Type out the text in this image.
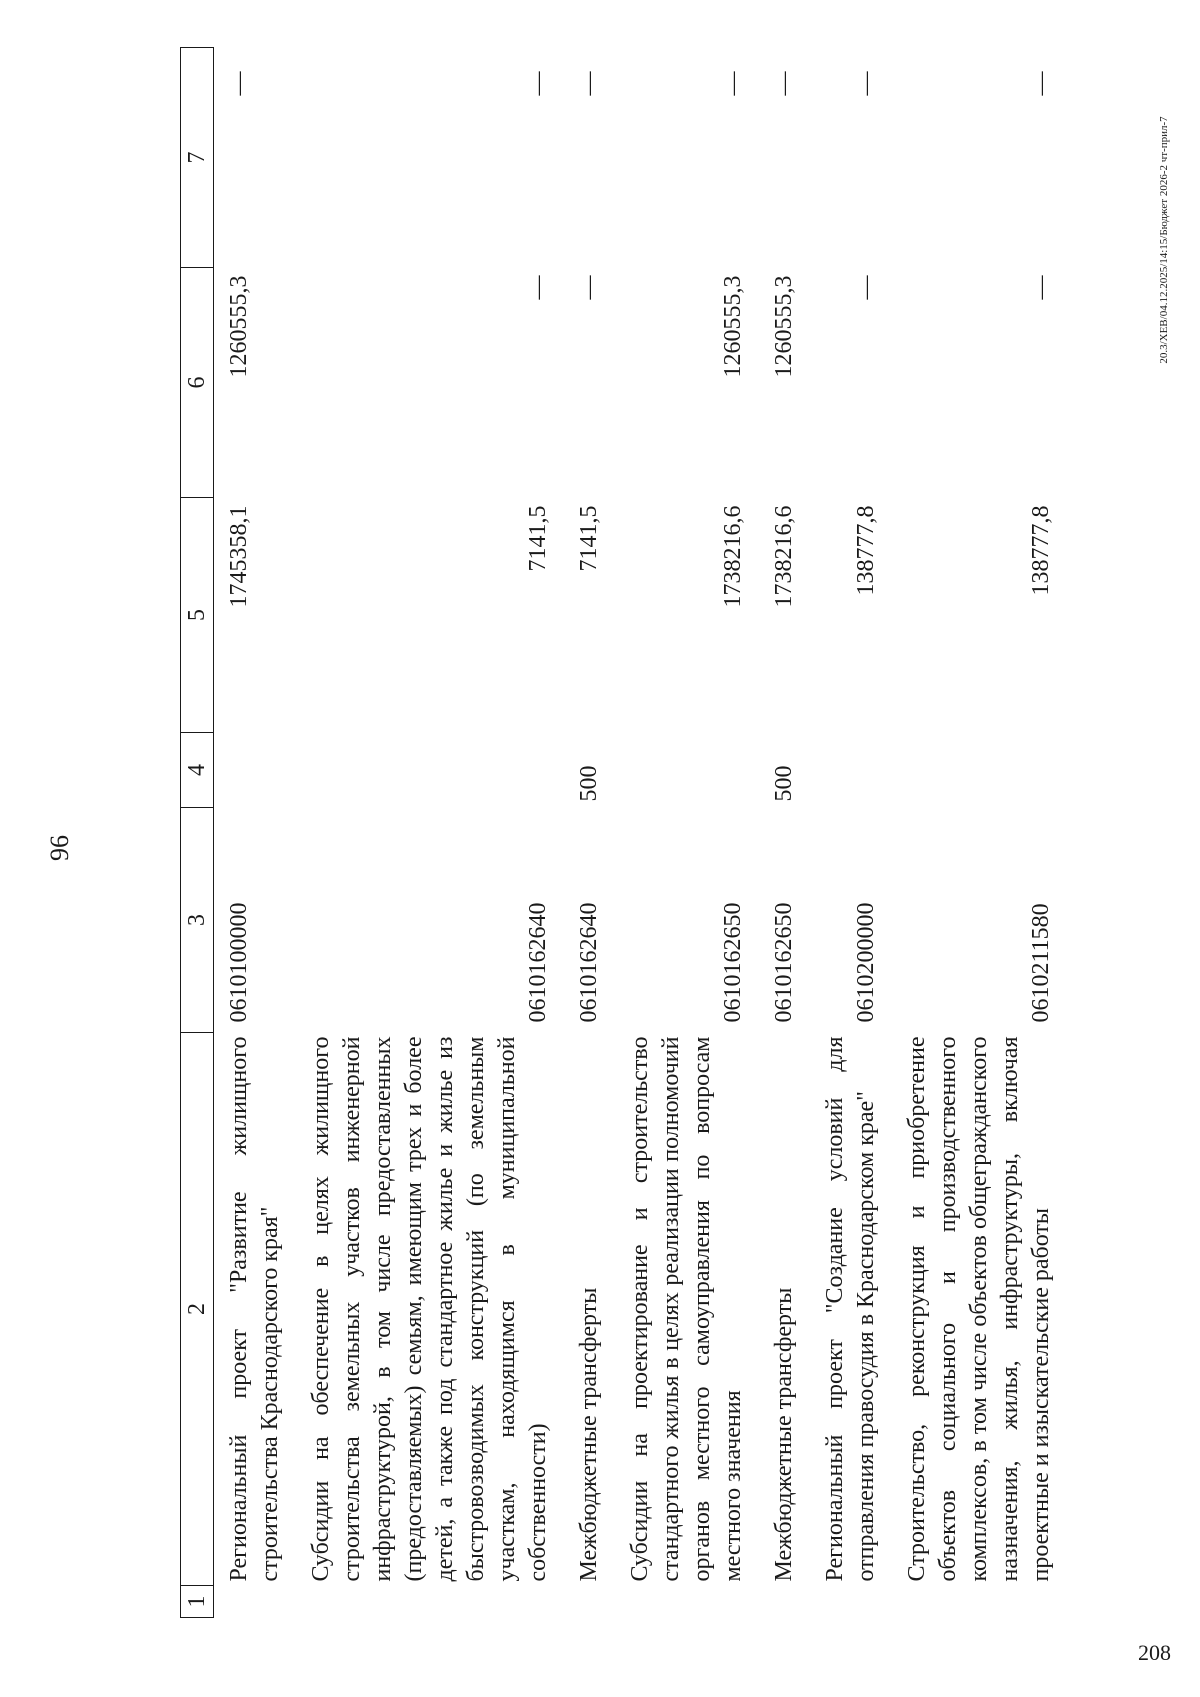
96
20.3/ХЕВ/04.12.2025/14:15/Бюджет 2026-2 чт-прил-7
208
1	2	3	4	5	6	7
	Региональный проект "Развитие жилищного строительства Краснодарского края"	0610100000		1745358,1	1260555,3	—
	Субсидии на обеспечение в целях жилищного строительства земельных участков инженерной инфраструктурой, в том числе предоставленных (предоставляемых) семьям, имеющим трех и более детей, а также под стандартное жилье и жилье из быстровозводимых конструкций (по земельным участкам, находящимся в муниципальной собственности)	0610162640		7141,5	—	—
	Межбюджетные трансферты	0610162640	500	7141,5	—	—
	Субсидии на проектирование и строительство стандартного жилья в целях реализации полномочий органов местного самоуправления по вопросам местного значения	0610162650		1738216,6	1260555,3	—
	Межбюджетные трансферты	0610162650	500	1738216,6	1260555,3	—
	Региональный проект "Создание условий для отправления правосудия в Краснодарском крае"	0610200000		138777,8	—	—
	Строительство, реконструкция и приобретение объектов социального и производственного комплексов, в том числе объектов общегражданского назначения, жилья, инфраструктуры, включая проектные и изыскательские работы	0610211580		138777,8	—	—
